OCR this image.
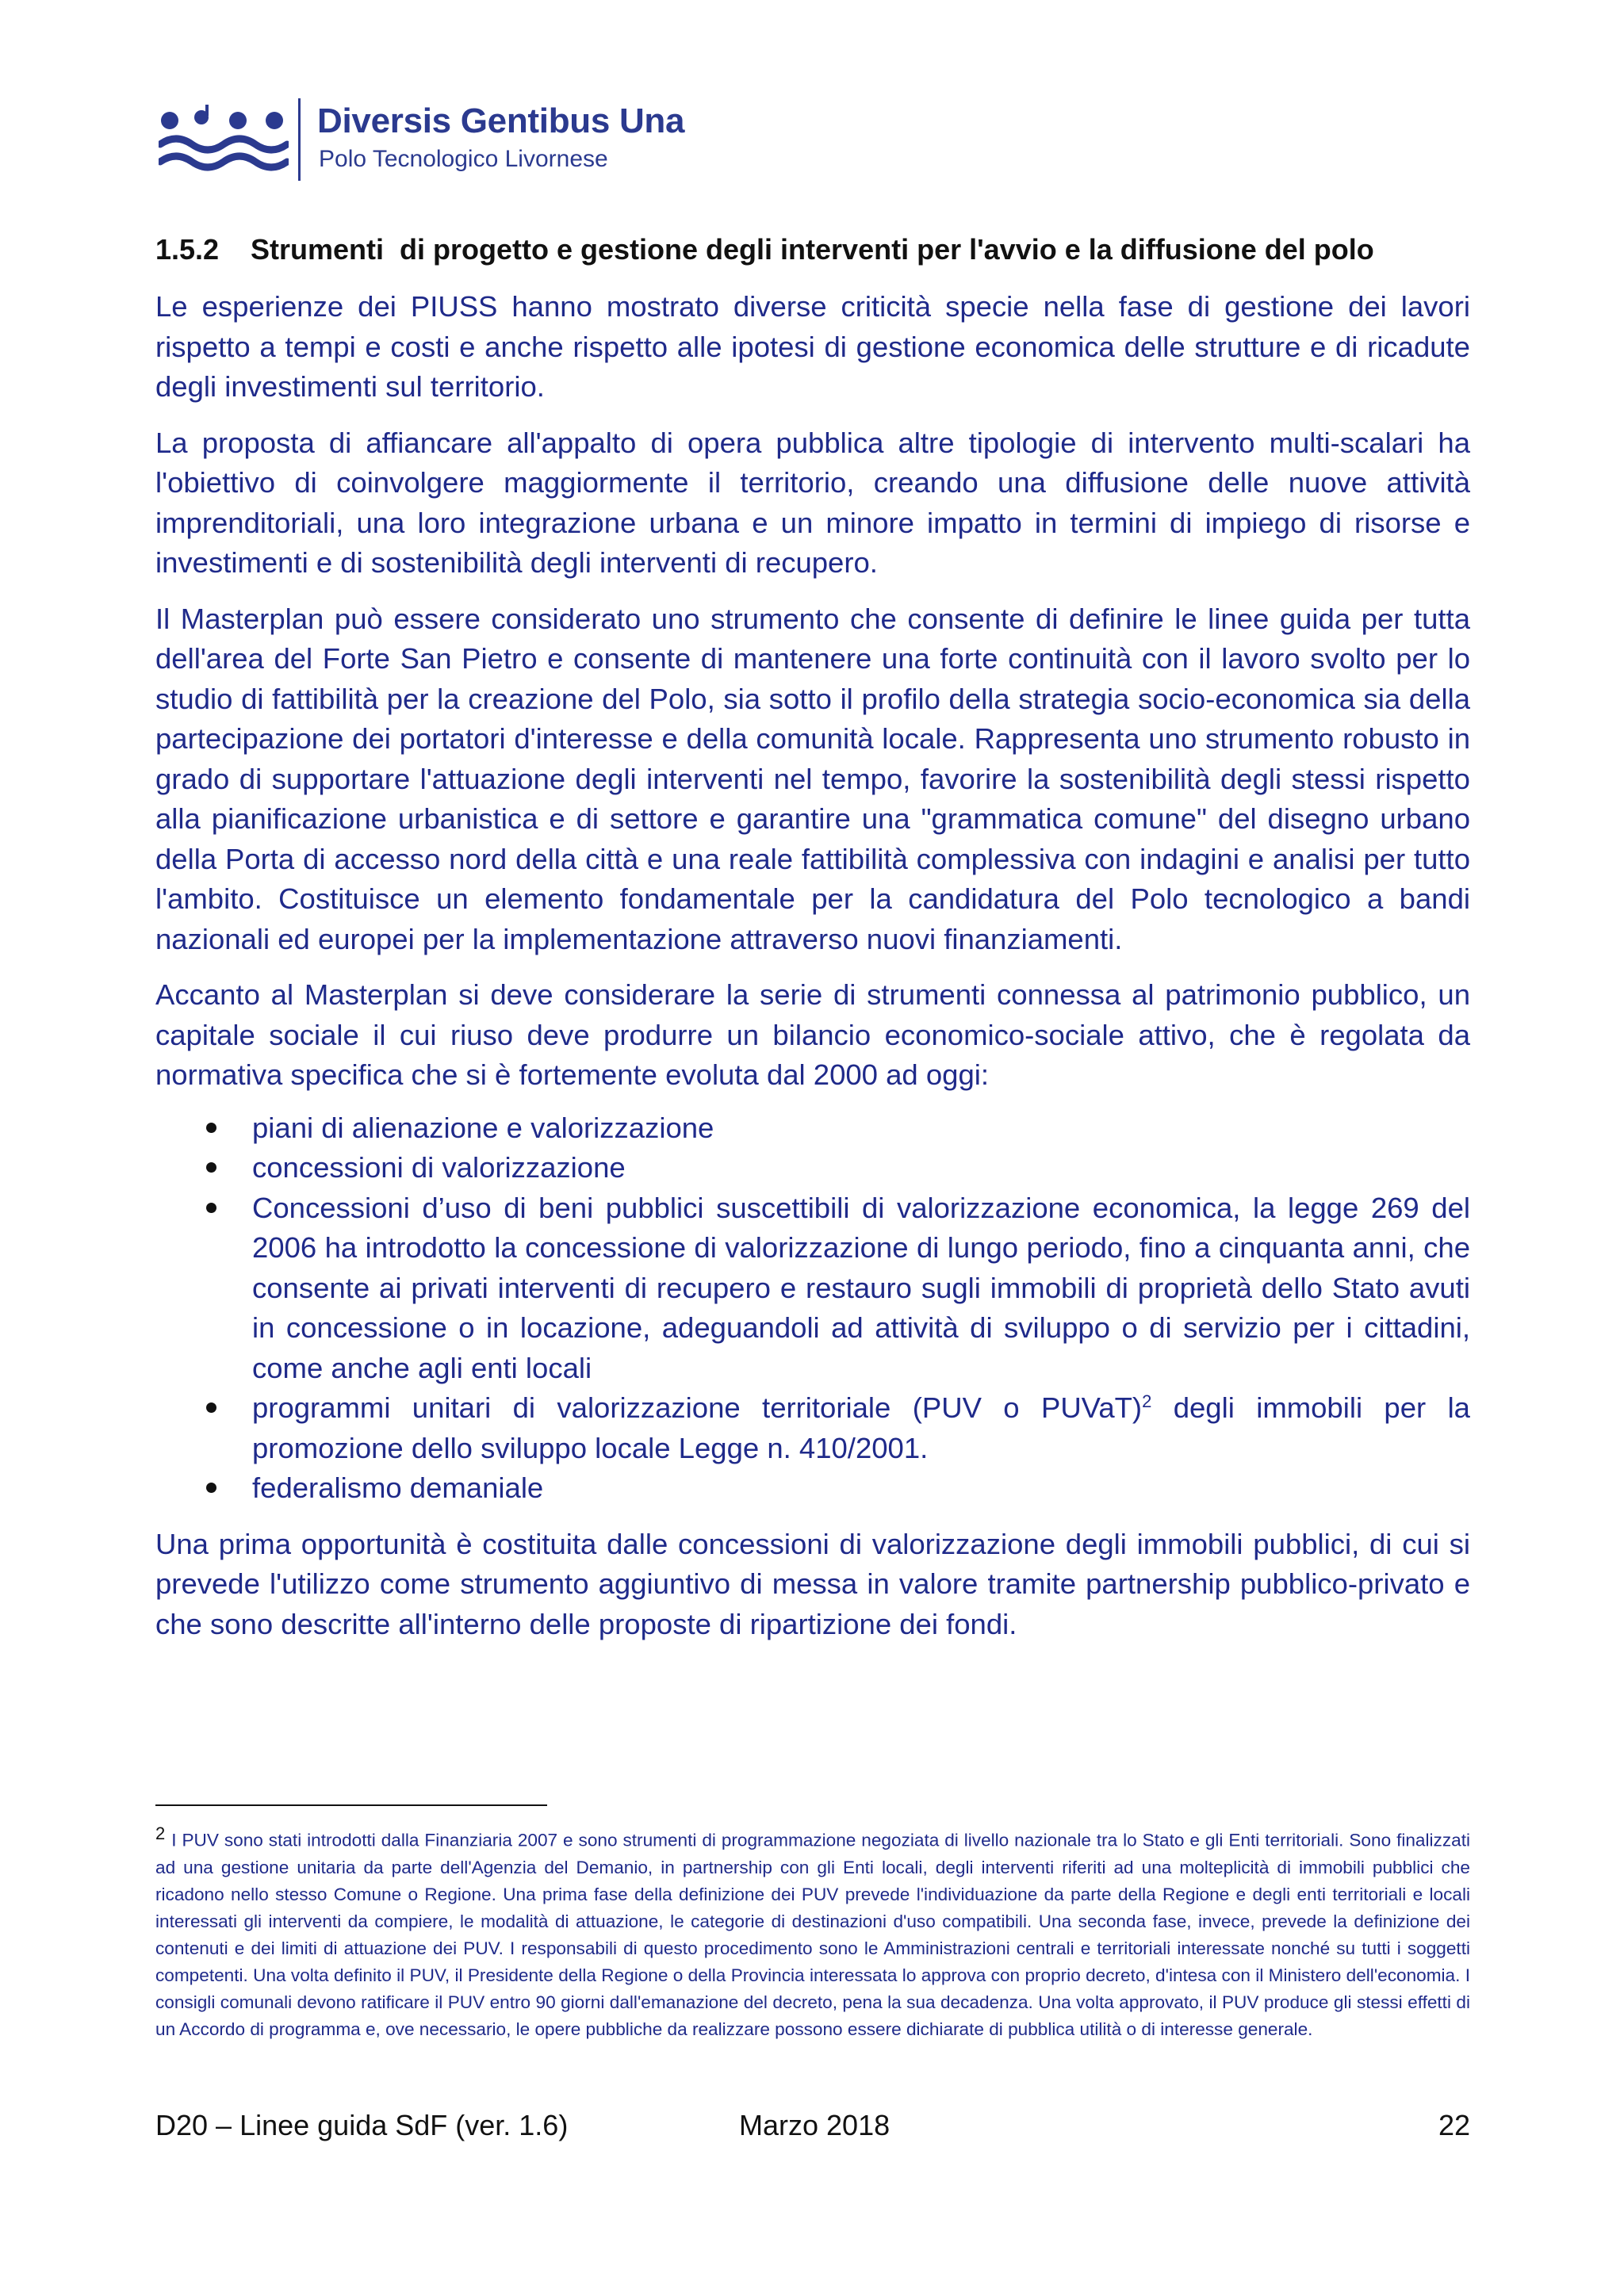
Diversis Gentibus Una
Polo Tecnologico Livornese
1.5.2 Strumenti  di progetto e gestione degli interventi per l'avvio e la diffusione del polo

Le esperienze dei PIUSS hanno mostrato diverse criticità specie nella fase di gestione dei lavori rispetto a tempi e costi e anche rispetto alle ipotesi di gestione economica delle strutture e di ricadute degli investimenti sul territorio.

La proposta di affiancare all'appalto di opera pubblica altre tipologie di intervento multi-scalari ha l'obiettivo di coinvolgere maggiormente il territorio, creando una diffusione delle nuove attività imprenditoriali, una loro integrazione urbana e un minore impatto in termini di impiego di risorse e investimenti e di sostenibilità degli interventi di recupero.

Il Masterplan può essere considerato uno strumento che consente di definire le linee guida per tutta dell'area del Forte San Pietro e consente di mantenere una forte continuità con il lavoro svolto per lo studio di fattibilità per la creazione del Polo, sia sotto il profilo della strategia socio-economica sia della partecipazione dei portatori d'interesse e della comunità locale. Rappresenta uno strumento robusto in grado di supportare l'attuazione degli interventi nel tempo, favorire la sostenibilità degli stessi rispetto alla pianificazione urbanistica e di settore e garantire una "grammatica comune" del disegno urbano della Porta di accesso nord della città e una reale fattibilità complessiva con indagini e analisi per tutto l'ambito. Costituisce un elemento fondamentale per la candidatura del Polo tecnologico a bandi nazionali ed europei per la implementazione attraverso nuovi finanziamenti.

Accanto al Masterplan si deve considerare la serie di strumenti connessa al patrimonio pubblico, un capitale sociale il cui riuso deve produrre un bilancio economico-sociale attivo, che è regolata da normativa specifica che si è fortemente evoluta dal 2000 ad oggi:

piani di alienazione e valorizzazione
concessioni di valorizzazione
Concessioni d’uso di beni pubblici suscettibili di valorizzazione economica, la legge 269 del 2006 ha introdotto la concessione di valorizzazione di lungo periodo, fino a cinquanta anni, che consente ai privati interventi di recupero e restauro sugli immobili di proprietà dello Stato avuti in concessione o in locazione, adeguandoli ad attività di sviluppo o di servizio per i cittadini, come anche agli enti locali
programmi unitari di valorizzazione territoriale (PUV o PUVaT)$^2$ degli immobili per la promozione dello sviluppo locale Legge n. 410/2001.
federalismo demaniale

Una prima opportunità è costituita dalle concessioni di valorizzazione degli immobili pubblici, di cui si prevede l'utilizzo come strumento aggiuntivo di messa in valore tramite partnership pubblico-privato e che sono descritte all'interno delle proposte di ripartizione dei fondi.

2 I PUV sono stati introdotti dalla Finanziaria 2007 e sono strumenti di programmazione negoziata di livello nazionale tra lo Stato e gli Enti territoriali. Sono finalizzati ad una gestione unitaria da parte dell'Agenzia del Demanio, in partnership con gli Enti locali, degli interventi riferiti ad una molteplicità di immobili pubblici che ricadono nello stesso Comune o Regione. Una prima fase della definizione dei PUV prevede l'individuazione da parte della Regione e degli enti territoriali e locali interessati gli interventi da compiere, le modalità di attuazione, le categorie di destinazioni d'uso compatibili. Una seconda fase, invece, prevede la definizione dei contenuti e dei limiti di attuazione dei PUV. I responsabili di questo procedimento sono le Amministrazioni centrali e territoriali interessate nonché su tutti i soggetti competenti. Una volta definito il PUV, il Presidente della Regione o della Provincia interessata lo approva con proprio decreto, d'intesa con il Ministero dell'economia. I consigli comunali devono ratificare il PUV entro 90 giorni dall'emanazione del decreto, pena la sua decadenza. Una volta approvato, il PUV produce gli stessi effetti di un Accordo di programma e, ove necessario, le opere pubbliche da realizzare possono essere dichiarate di pubblica utilità o di interesse generale.

D20 – Linee guida SdF (ver. 1.6)	Marzo 2018	22
